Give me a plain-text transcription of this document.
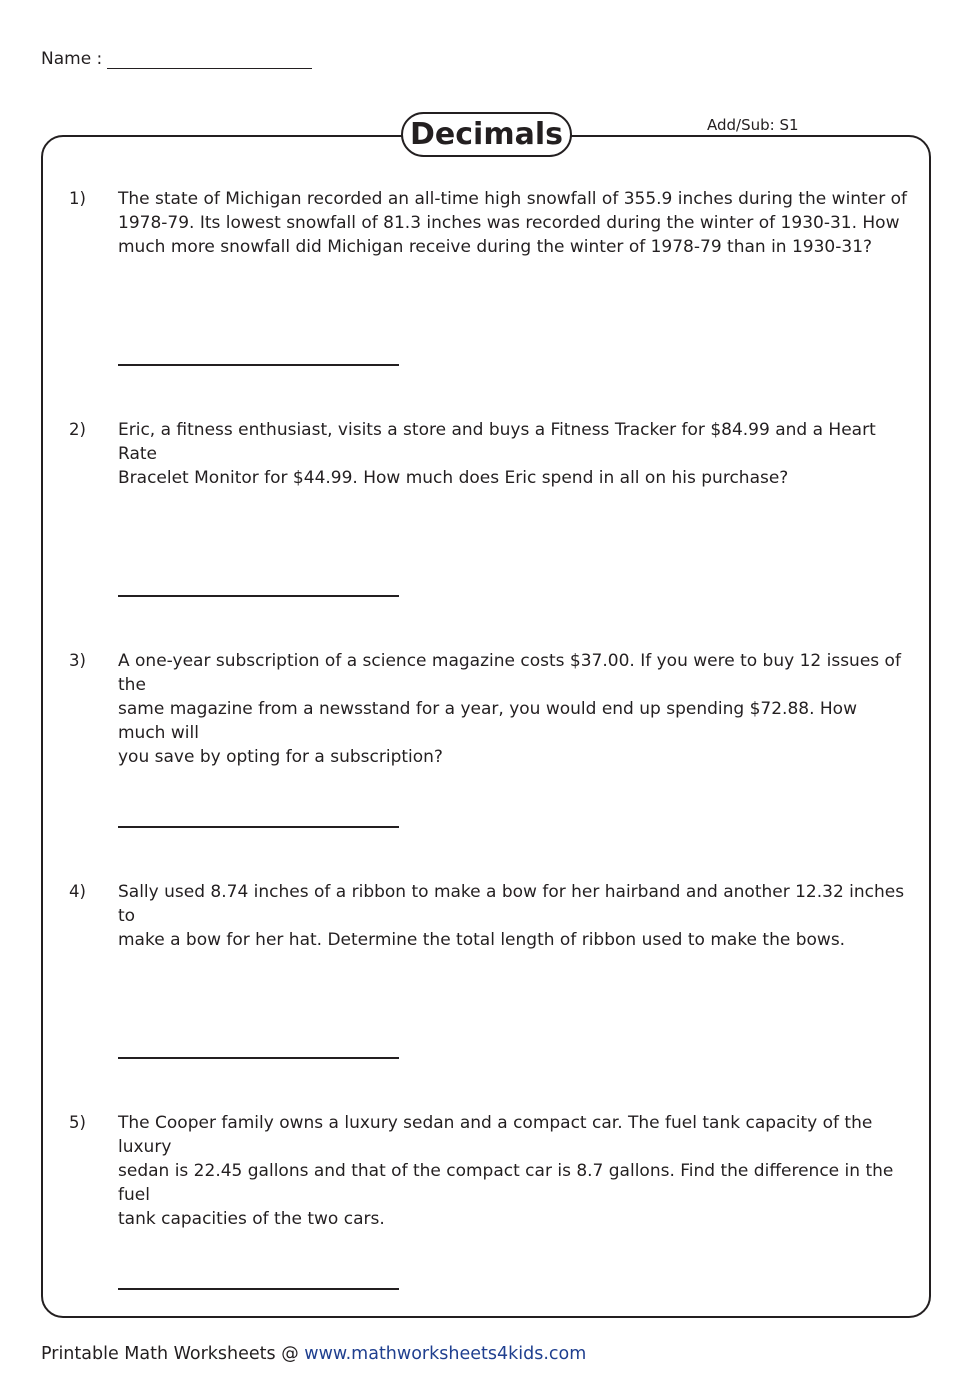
Name :
Decimals	Add/Sub: S1
1) The state of Michigan recorded an all-time high snowfall of 355.9 inches during the winter of
1978-79. Its lowest snowfall of 81.3 inches was recorded during the winter of 1930-31. How
much more snowfall did Michigan receive during the winter of 1978-79 than in 1930-31?
2) Eric, a fitness enthusiast, visits a store and buys a Fitness Tracker for $84.99 and a Heart Rate
Bracelet Monitor for $44.99. How much does Eric spend in all on his purchase?
3) A one-year subscription of a science magazine costs $37.00. If you were to buy 12 issues of the
same magazine from a newsstand for a year, you would end up spending $72.88. How much will
you save by opting for a subscription?
4) Sally used 8.74 inches of a ribbon to make a bow for her hairband and another 12.32 inches to
make a bow for her hat. Determine the total length of ribbon used to make the bows.
5) The Cooper family owns a luxury sedan and a compact car. The fuel tank capacity of the luxury
sedan is 22.45 gallons and that of the compact car is 8.7 gallons. Find the difference in the fuel
tank capacities of the two cars.
Printable Math Worksheets @ www.mathworksheets4kids.com
